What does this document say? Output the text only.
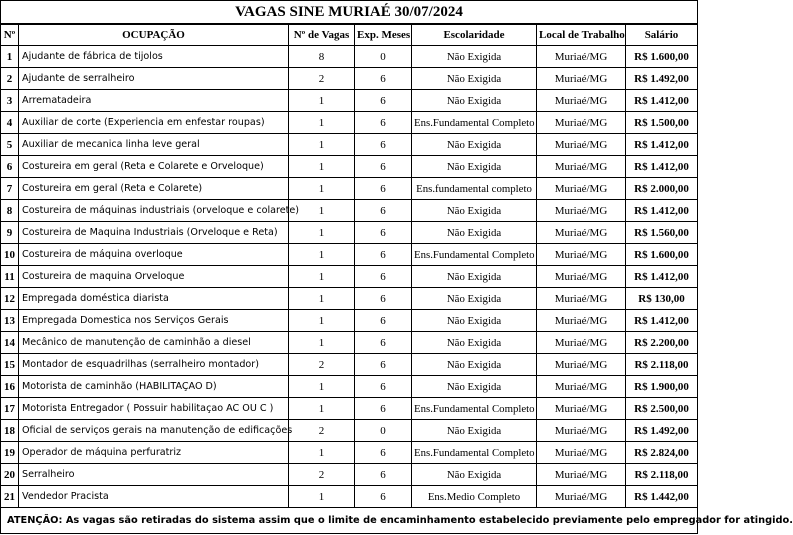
VAGAS SINE MURIAÉ 30/07/2024
Nº	OCUPAÇÃO	Nº de Vagas	Exp. Meses	Escolaridade	Local de Trabalho	Salário
1	Ajudante de fábrica de tijolos	8	0	Não Exigida	Muriaé/MG	R$ 1.600,00
2	Ajudante de serralheiro	2	6	Não Exigida	Muriaé/MG	R$ 1.492,00
3	Arrematadeira	1	6	Não Exigida	Muriaé/MG	R$ 1.412,00
4	Auxiliar de corte (Experiencia em enfestar roupas)	1	6	Ens.Fundamental Completo	Muriaé/MG	R$ 1.500,00
5	Auxiliar de mecanica linha leve geral	1	6	Não Exigida	Muriaé/MG	R$ 1.412,00
6	Costureira em geral (Reta e Colarete e Orveloque)	1	6	Não Exigida	Muriaé/MG	R$ 1.412,00
7	Costureira em geral (Reta e Colarete)	1	6	Ens.fundamental completo	Muriaé/MG	R$ 2.000,00
8	Costureira de máquinas industriais (orveloque e colarete)	1	6	Não Exigida	Muriaé/MG	R$ 1.412,00
9	Costureira de Maquina Industriais (Orveloque e Reta)	1	6	Não Exigida	Muriaé/MG	R$ 1.560,00
10	Costureira de máquina overloque	1	6	Ens.Fundamental Completo	Muriaé/MG	R$ 1.600,00
11	Costureira de maquina Orveloque	1	6	Não Exigida	Muriaé/MG	R$ 1.412,00
12	Empregada doméstica diarista	1	6	Não Exigida	Muriaé/MG	R$ 130,00
13	Empregada Domestica nos Serviços Gerais	1	6	Não Exigida	Muriaé/MG	R$ 1.412,00
14	Mecânico de manutenção de caminhão a diesel	1	6	Não Exigida	Muriaé/MG	R$ 2.200,00
15	Montador de esquadrilhas (serralheiro montador)	2	6	Não Exigida	Muriaé/MG	R$ 2.118,00
16	Motorista de caminhão (HABILITAÇAO D)	1	6	Não Exigida	Muriaé/MG	R$ 1.900,00
17	Motorista Entregador ( Possuir habilitaçao AC OU C )	1	6	Ens.Fundamental Completo	Muriaé/MG	R$ 2.500,00
18	Oficial de serviços gerais na manutenção de edificações	2	0	Não Exigida	Muriaé/MG	R$ 1.492,00
19	Operador de máquina perfuratriz	1	6	Ens.Fundamental Completo	Muriaé/MG	R$ 2.824,00
20	Serralheiro	2	6	Não Exigida	Muriaé/MG	R$ 2.118,00
21	Vendedor Pracista	1	6	Ens.Medio Completo	Muriaé/MG	R$ 1.442,00
ATENÇÃO: As vagas são retiradas do sistema assim que o limite de encaminhamento estabelecido previamente pelo empregador for atingido.
